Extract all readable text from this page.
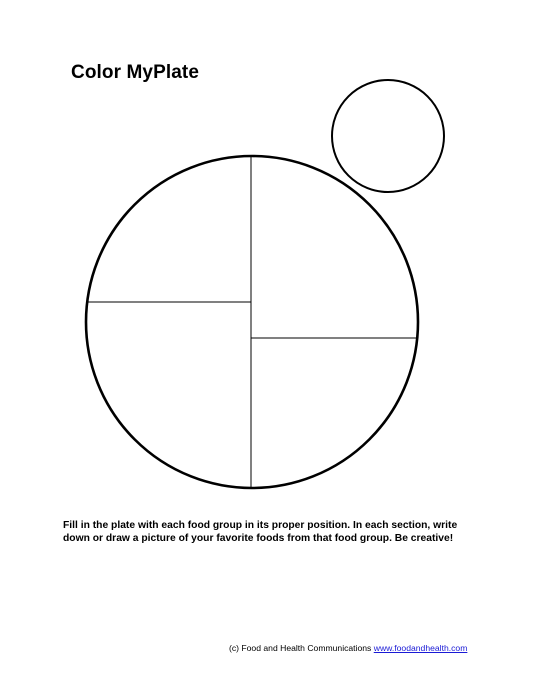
Color MyPlate
Fill in the plate with each food group in its proper position. In each section, write
down or draw a picture of your favorite foods from that food group. Be creative!
(c) Food and Health Communications www.foodandhealth.com
